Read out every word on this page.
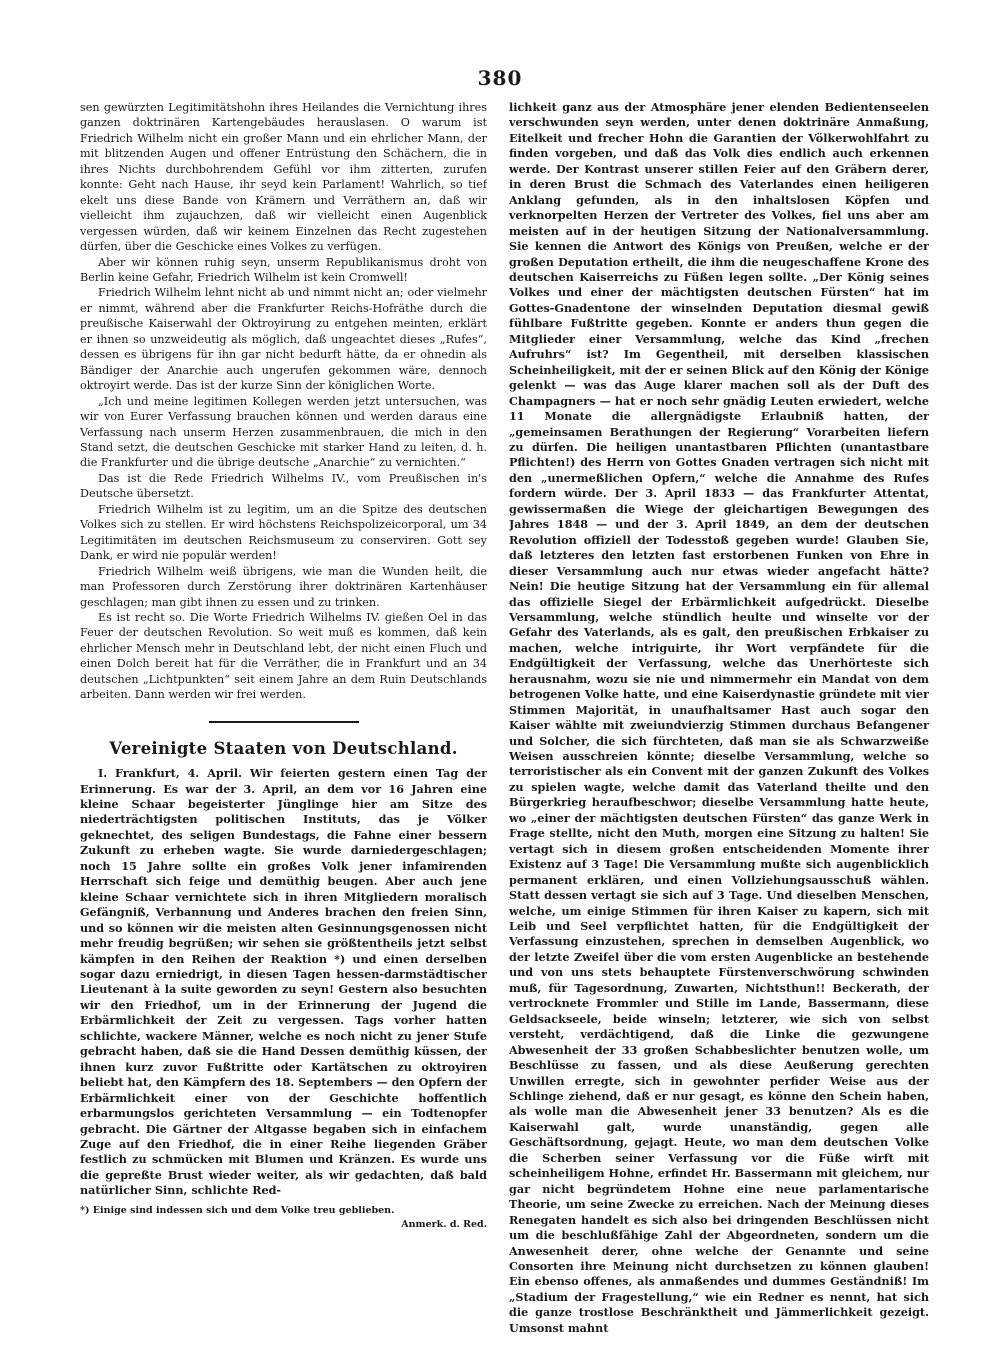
380

sen gewürzten Legitimitätshohn ihres Heilandes die Vernichtung ihres ganzen doktrinären Kartengebäudes herauslasen. O warum ist Friedrich Wilhelm nicht ein großer Mann und ein ehrlicher Mann, der mit blitzenden Augen und offener Entrüstung den Schächern, die in ihres Nichts durchbohrendem Gefühl vor ihm zitterten, zurufen konnte: Geht nach Hause, ihr seyd kein Parlament! Wahrlich, so tief ekelt uns diese Bande von Krämern und Verräthern an, daß wir vielleicht ihm zujauchzen, daß wir vielleicht einen Augenblick vergessen würden, daß wir keinem Einzelnen das Recht zugestehen dürfen, über die Geschicke eines Volkes zu verfügen.

Aber wir können ruhig seyn, unserm Republikanismus droht von Berlin keine Gefahr, Friedrich Wilhelm ist kein Cromwell!

Friedrich Wilhelm lehnt nicht ab und nimmt nicht an; oder vielmehr er nimmt, während aber die Frankfurter Reichs-Hofräthe durch die preußische Kaiserwahl der Oktroyirung zu entgehen meinten, erklärt er ihnen so unzweideutig als möglich, daß ungeachtet dieses „Rufes“, dessen es übrigens für ihn gar nicht bedurft hätte, da er ohnedin als Bändiger der Anarchie auch ungerufen gekommen wäre, dennoch oktroyirt werde. Das ist der kurze Sinn der königlichen Worte.

„Ich und meine legitimen Kollegen werden jetzt untersuchen, was wir von Eurer Verfassung brauchen können und werden daraus eine Verfassung nach unserm Herzen zusammenbrauen, die mich in den Stand setzt, die deutschen Geschicke mit starker Hand zu leiten, d. h. die Frankfurter und die übrige deutsche „Anarchie“ zu vernichten.“

Das ist die Rede Friedrich Wilhelms IV., vom Preußischen in's Deutsche übersetzt.

Friedrich Wilhelm ist zu legitim, um an die Spitze des deutschen Volkes sich zu stellen. Er wird höchstens Reichspolizeicorporal, um 34 Legitimitäten im deutschen Reichsmuseum zu conserviren. Gott sey Dank, er wird nie populär werden!

Friedrich Wilhelm weiß übrigens, wie man die Wunden heilt, die man Professoren durch Zerstörung ihrer doktrinären Kartenhäuser geschlagen; man gibt ihnen zu essen und zu trinken.

Es ist recht so. Die Worte Friedrich Wilhelms IV. gießen Oel in das Feuer der deutschen Revolution. So weit muß es kommen, daß kein ehrlicher Mensch mehr in Deutschland lebt, der nicht einen Fluch und einen Dolch bereit hat für die Verräther, die in Frankfurt und an 34 deutschen „Lichtpunkten“ seit einem Jahre an dem Ruin Deutschlands arbeiten. Dann werden wir frei werden.

Vereinigte Staaten von Deutschland.

I. Frankfurt, 4. April. Wir feierten gestern einen Tag der Erinnerung. Es war der 3. April, an dem vor 16 Jahren eine kleine Schaar begeisterter Jünglinge hier am Sitze des niederträchtigsten politischen Instituts, das je Völker geknechtet, des seligen Bundestags, die Fahne einer bessern Zukunft zu erheben wagte. Sie wurde darniedergeschlagen; noch 15 Jahre sollte ein großes Volk jener infamirenden Herrschaft sich feige und demüthig beugen. Aber auch jene kleine Schaar vernichtete sich in ihren Mitgliedern moralisch Gefängniß, Verbannung und Anderes brachen den freien Sinn, und so können wir die meisten alten Gesinnungsgenossen nicht mehr freudig begrüßen; wir sehen sie größtentheils jetzt selbst kämpfen in den Reihen der Reaktion *) und einen derselben sogar dazu erniedrigt, in diesen Tagen hessen-darmstädtischer Lieutenant à la suite geworden zu seyn! Gestern also besuchten wir den Friedhof, um in der Erinnerung der Jugend die Erbärmlichkeit der Zeit zu vergessen. Tags vorher hatten schlichte, wackere Männer, welche es noch nicht zu jener Stufe gebracht haben, daß sie die Hand Dessen demüthig küssen, der ihnen kurz zuvor Fußtritte oder Kartätschen zu oktroyiren beliebt hat, den Kämpfern des 18. Septembers — den Opfern der Erbärmlichkeit einer von der Geschichte hoffentlich erbarmungslos gerichteten Versammlung — ein Todtenopfer gebracht. Die Gärtner der Altgasse begaben sich in einfachem Zuge auf den Friedhof, die in einer Reihe liegenden Gräber festlich zu schmücken mit Blumen und Kränzen. Es wurde uns die gepreßte Brust wieder weiter, als wir gedachten, daß bald natürlicher Sinn, schlichte Red-

*) Einige sind indessen sich und dem Volke treu geblieben.

Anmerk. d. Red.

lichkeit ganz aus der Atmosphäre jener elenden Bedientenseelen verschwunden seyn werden, unter denen doktrinäre Anmaßung, Eitelkeit und frecher Hohn die Garantien der Völkerwohlfahrt zu finden vorgeben, und daß das Volk dies endlich auch erkennen werde. Der Kontrast unserer stillen Feier auf den Gräbern derer, in deren Brust die Schmach des Vaterlandes einen heiligeren Anklang gefunden, als in den inhaltslosen Köpfen und verknorpelten Herzen der Vertreter des Volkes, fiel uns aber am meisten auf in der heutigen Sitzung der Nationalversammlung. Sie kennen die Antwort des Königs von Preußen, welche er der großen Deputation ertheilt, die ihm die neugeschaffene Krone des deutschen Kaiserreichs zu Füßen legen sollte. „Der König seines Volkes und einer der mächtigsten deutschen Fürsten“ hat im Gottes-Gnadentone der winselnden Deputation diesmal gewiß fühlbare Fußtritte gegeben. Konnte er anders thun gegen die Mitglieder einer Versammlung, welche das Kind „frechen Aufruhrs“ ist? Im Gegentheil, mit derselben klassischen Scheinheiligkeit, mit der er seinen Blick auf den König der Könige gelenkt — was das Auge klarer machen soll als der Duft des Champagners — hat er noch sehr gnädig Leuten erwiedert, welche 11 Monate die allergnädigste Erlaubniß hatten, der „gemeinsamen Berathungen der Regierung“ Vorarbeiten liefern zu dürfen. Die heiligen unantastbaren Pflichten (unantastbare Pflichten!) des Herrn von Gottes Gnaden vertragen sich nicht mit den „unermeßlichen Opfern,“ welche die Annahme des Rufes fordern würde. Der 3. April 1833 — das Frankfurter Attentat, gewissermaßen die Wiege der gleichartigen Bewegungen des Jahres 1848 — und der 3. April 1849, an dem der deutschen Revolution offiziell der Todesstoß gegeben wurde! Glauben Sie, daß letzteres den letzten fast erstorbenen Funken von Ehre in dieser Versammlung auch nur etwas wieder angefacht hätte? Nein! Die heutige Sitzung hat der Versammlung ein für allemal das offizielle Siegel der Erbärmlichkeit aufgedrückt. Dieselbe Versammlung, welche stündlich heulte und winselte vor der Gefahr des Vaterlands, als es galt, den preußischen Erbkaiser zu machen, welche intriguirte, ihr Wort verpfändete für die Endgültigkeit der Verfassung, welche das Unerhörteste sich herausnahm, wozu sie nie und nimmermehr ein Mandat von dem betrogenen Volke hatte, und eine Kaiserdynastie gründete mit vier Stimmen Majorität, in unaufhaltsamer Hast auch sogar den Kaiser wählte mit zweiundvierzig Stimmen durchaus Befangener und Solcher, die sich fürchteten, daß man sie als Schwarzweiße Weisen ausschreien könnte; dieselbe Versammlung, welche so terroristischer als ein Convent mit der ganzen Zukunft des Volkes zu spielen wagte, welche damit das Vaterland theilte und den Bürgerkrieg heraufbeschwor; dieselbe Versammlung hatte heute, wo „einer der mächtigsten deutschen Fürsten“ das ganze Werk in Frage stellte, nicht den Muth, morgen eine Sitzung zu halten! Sie vertagt sich in diesem großen entscheidenden Momente ihrer Existenz auf 3 Tage! Die Versammlung mußte sich augenblicklich permanent erklären, und einen Vollziehungsausschuß wählen. Statt dessen vertagt sie sich auf 3 Tage. Und dieselben Menschen, welche, um einige Stimmen für ihren Kaiser zu kapern, sich mit Leib und Seel verpflichtet hatten, für die Endgültigkeit der Verfassung einzustehen, sprechen in demselben Augenblick, wo der letzte Zweifel über die vom ersten Augenblicke an bestehende und von uns stets behauptete Fürstenverschwörung schwinden muß, für Tagesordnung, Zuwarten, Nichtsthun!! Beckerath, der vertrocknete Frommler und Stille im Lande, Bassermann, diese Geldsackseele, beide winseln; letzterer, wie sich von selbst versteht, verdächtigend, daß die Linke die gezwungene Abwesenheit der 33 großen Schabbeslichter benutzen wolle, um Beschlüsse zu fassen, und als diese Aeußerung gerechten Unwillen erregte, sich in gewohnter perfider Weise aus der Schlinge ziehend, daß er nur gesagt, es könne den Schein haben, als wolle man die Abwesenheit jener 33 benutzen? Als es die Kaiserwahl galt, wurde unanständig, gegen alle Geschäftsordnung, gejagt. Heute, wo man dem deutschen Volke die Scherben seiner Verfassung vor die Füße wirft mit scheinheiligem Hohne, erfindet Hr. Bassermann mit gleichem, nur gar nicht begründetem Hohne eine neue parlamentarische Theorie, um seine Zwecke zu erreichen. Nach der Meinung dieses Renegaten handelt es sich also bei dringenden Beschlüssen nicht um die beschlußfähige Zahl der Abgeordneten, sondern um die Anwesenheit derer, ohne welche der Genannte und seine Consorten ihre Meinung nicht durchsetzen zu können glauben! Ein ebenso offenes, als anmaßendes und dummes Geständniß! Im „Stadium der Fragestellung,“ wie ein Redner es nennt, hat sich die ganze trostlose Beschränktheit und Jämmerlichkeit gezeigt. Umsonst mahnt
